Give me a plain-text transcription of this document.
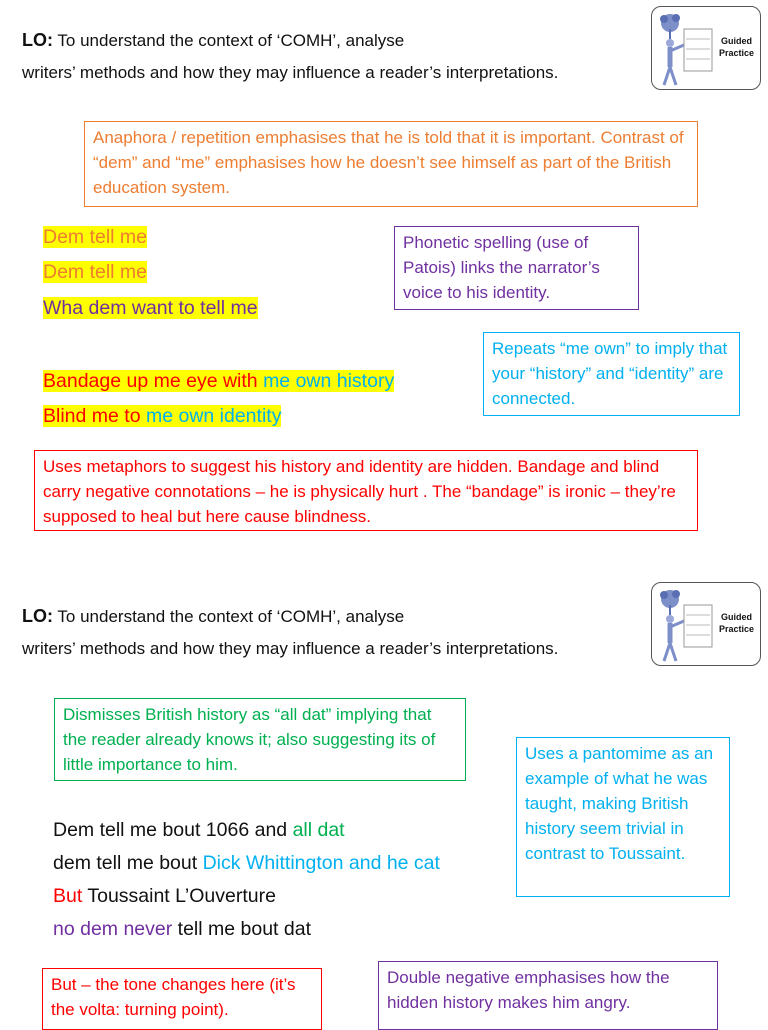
LO: To understand the context of ‘COMH’, analyse
writers’ methods and how they may influence a reader’s interpretations.
Guided
Practice
Anaphora / repetition emphasises that he is told that it is important. Contrast of “dem” and “me” emphasises how he doesn’t see himself as part of the British education system.
Dem tell me
Dem tell me
Wha dem want to tell me
Phonetic spelling (use of Patois) links the narrator’s voice to his identity.
Repeats “me own” to imply that your “history” and “identity” are connected.
Bandage up me eye with me own history
Blind me to me own identity
Uses metaphors to suggest his history and identity are hidden. Bandage and blind carry negative connotations – he is physically hurt . The “bandage” is ironic – they’re supposed to heal but here cause blindness.
LO: To understand the context of ‘COMH’, analyse
writers’ methods and how they may influence a reader’s interpretations.
Guided
Practice
Dismisses British history as “all dat” implying that the reader already knows it; also suggesting its of little importance to him.
Uses a pantomime as an example of what he was taught, making British history seem trivial in contrast to Toussaint.
Dem tell me bout 1066 and all dat
dem tell me bout Dick Whittington and he cat
But Toussaint L’Ouverture
no dem never tell me bout dat
But – the tone changes here (it’s the volta: turning point).
Double negative emphasises how the hidden history makes him angry.
